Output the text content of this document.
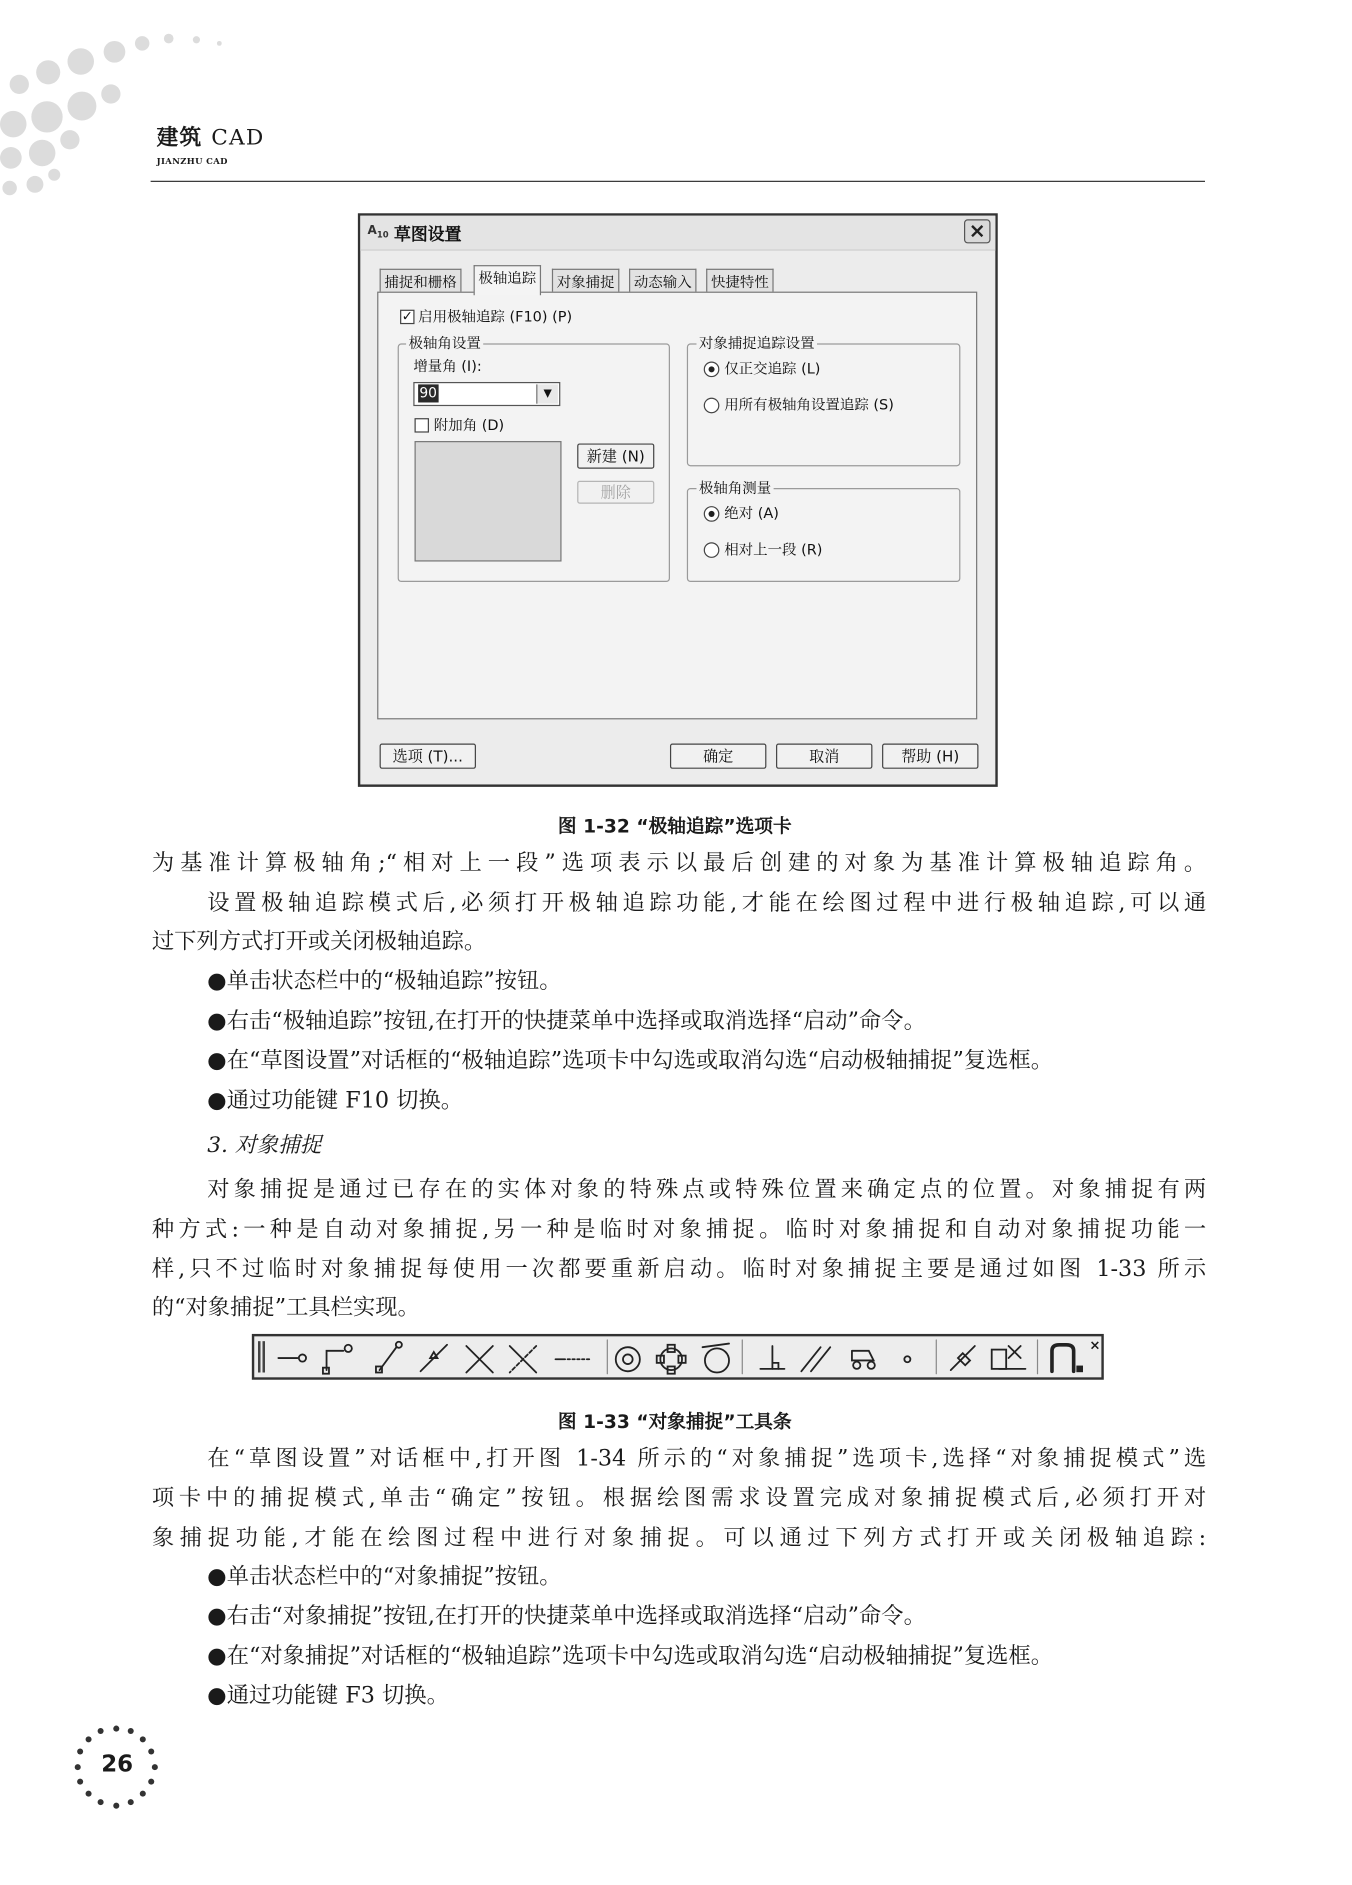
建筑 CAD
JIANZHU CAD
$A_{10}$ 草图设置	×
捕捉和栅格	极轴追踪	对象捕捉	动态输入	快捷特性
✓ 启用极轴追踪 (F10) (P)
极轴角设置
增量角 (I):
90	▼
附加角 (D)
新建 (N)
删除
对象捕捉追踪设置
仅正交追踪 (L)
用所有极轴角设置追踪 (S)
极轴角测量
绝对 (A)
相对上一段 (R)
选项 (T)...	确定	取消	帮助 (H)
图 1-32 “极轴追踪”选项卡
为基准计算极轴角;“相对上一段”选项表示以最后创建的对象为基准计算极轴追踪角。
设置极轴追踪模式后,必须打开极轴追踪功能,才能在绘图过程中进行极轴追踪,可以通
过下列方式打开或关闭极轴追踪。
●单击状态栏中的“极轴追踪”按钮。
●右击“极轴追踪”按钮,在打开的快捷菜单中选择或取消选择“启动”命令。
●在“草图设置”对话框的“极轴追踪”选项卡中勾选或取消勾选“启动极轴捕捉”复选框。
●通过功能键 F10 切换。
3. 对象捕捉
对象捕捉是通过已存在的实体对象的特殊点或特殊位置来确定点的位置。对象捕捉有两
种方式:一种是自动对象捕捉,另一种是临时对象捕捉。临时对象捕捉和自动对象捕捉功能一
样,只不过临时对象捕捉每使用一次都要重新启动。临时对象捕捉主要是通过如图 1-33 所示
的“对象捕捉”工具栏实现。
×
图 1-33 “对象捕捉”工具条
在“草图设置”对话框中,打开图 1-34 所示的“对象捕捉”选项卡,选择“对象捕捉模式”选
项卡中的捕捉模式,单击“确定”按钮。根据绘图需求设置完成对象捕捉模式后,必须打开对
象捕捉功能,才能在绘图过程中进行对象捕捉。可以通过下列方式打开或关闭极轴追踪:
●单击状态栏中的“对象捕捉”按钮。
●右击“对象捕捉”按钮,在打开的快捷菜单中选择或取消选择“启动”命令。
●在“对象捕捉”对话框的“极轴追踪”选项卡中勾选或取消勾选“启动极轴捕捉”复选框。
●通过功能键 F3 切换。
26
